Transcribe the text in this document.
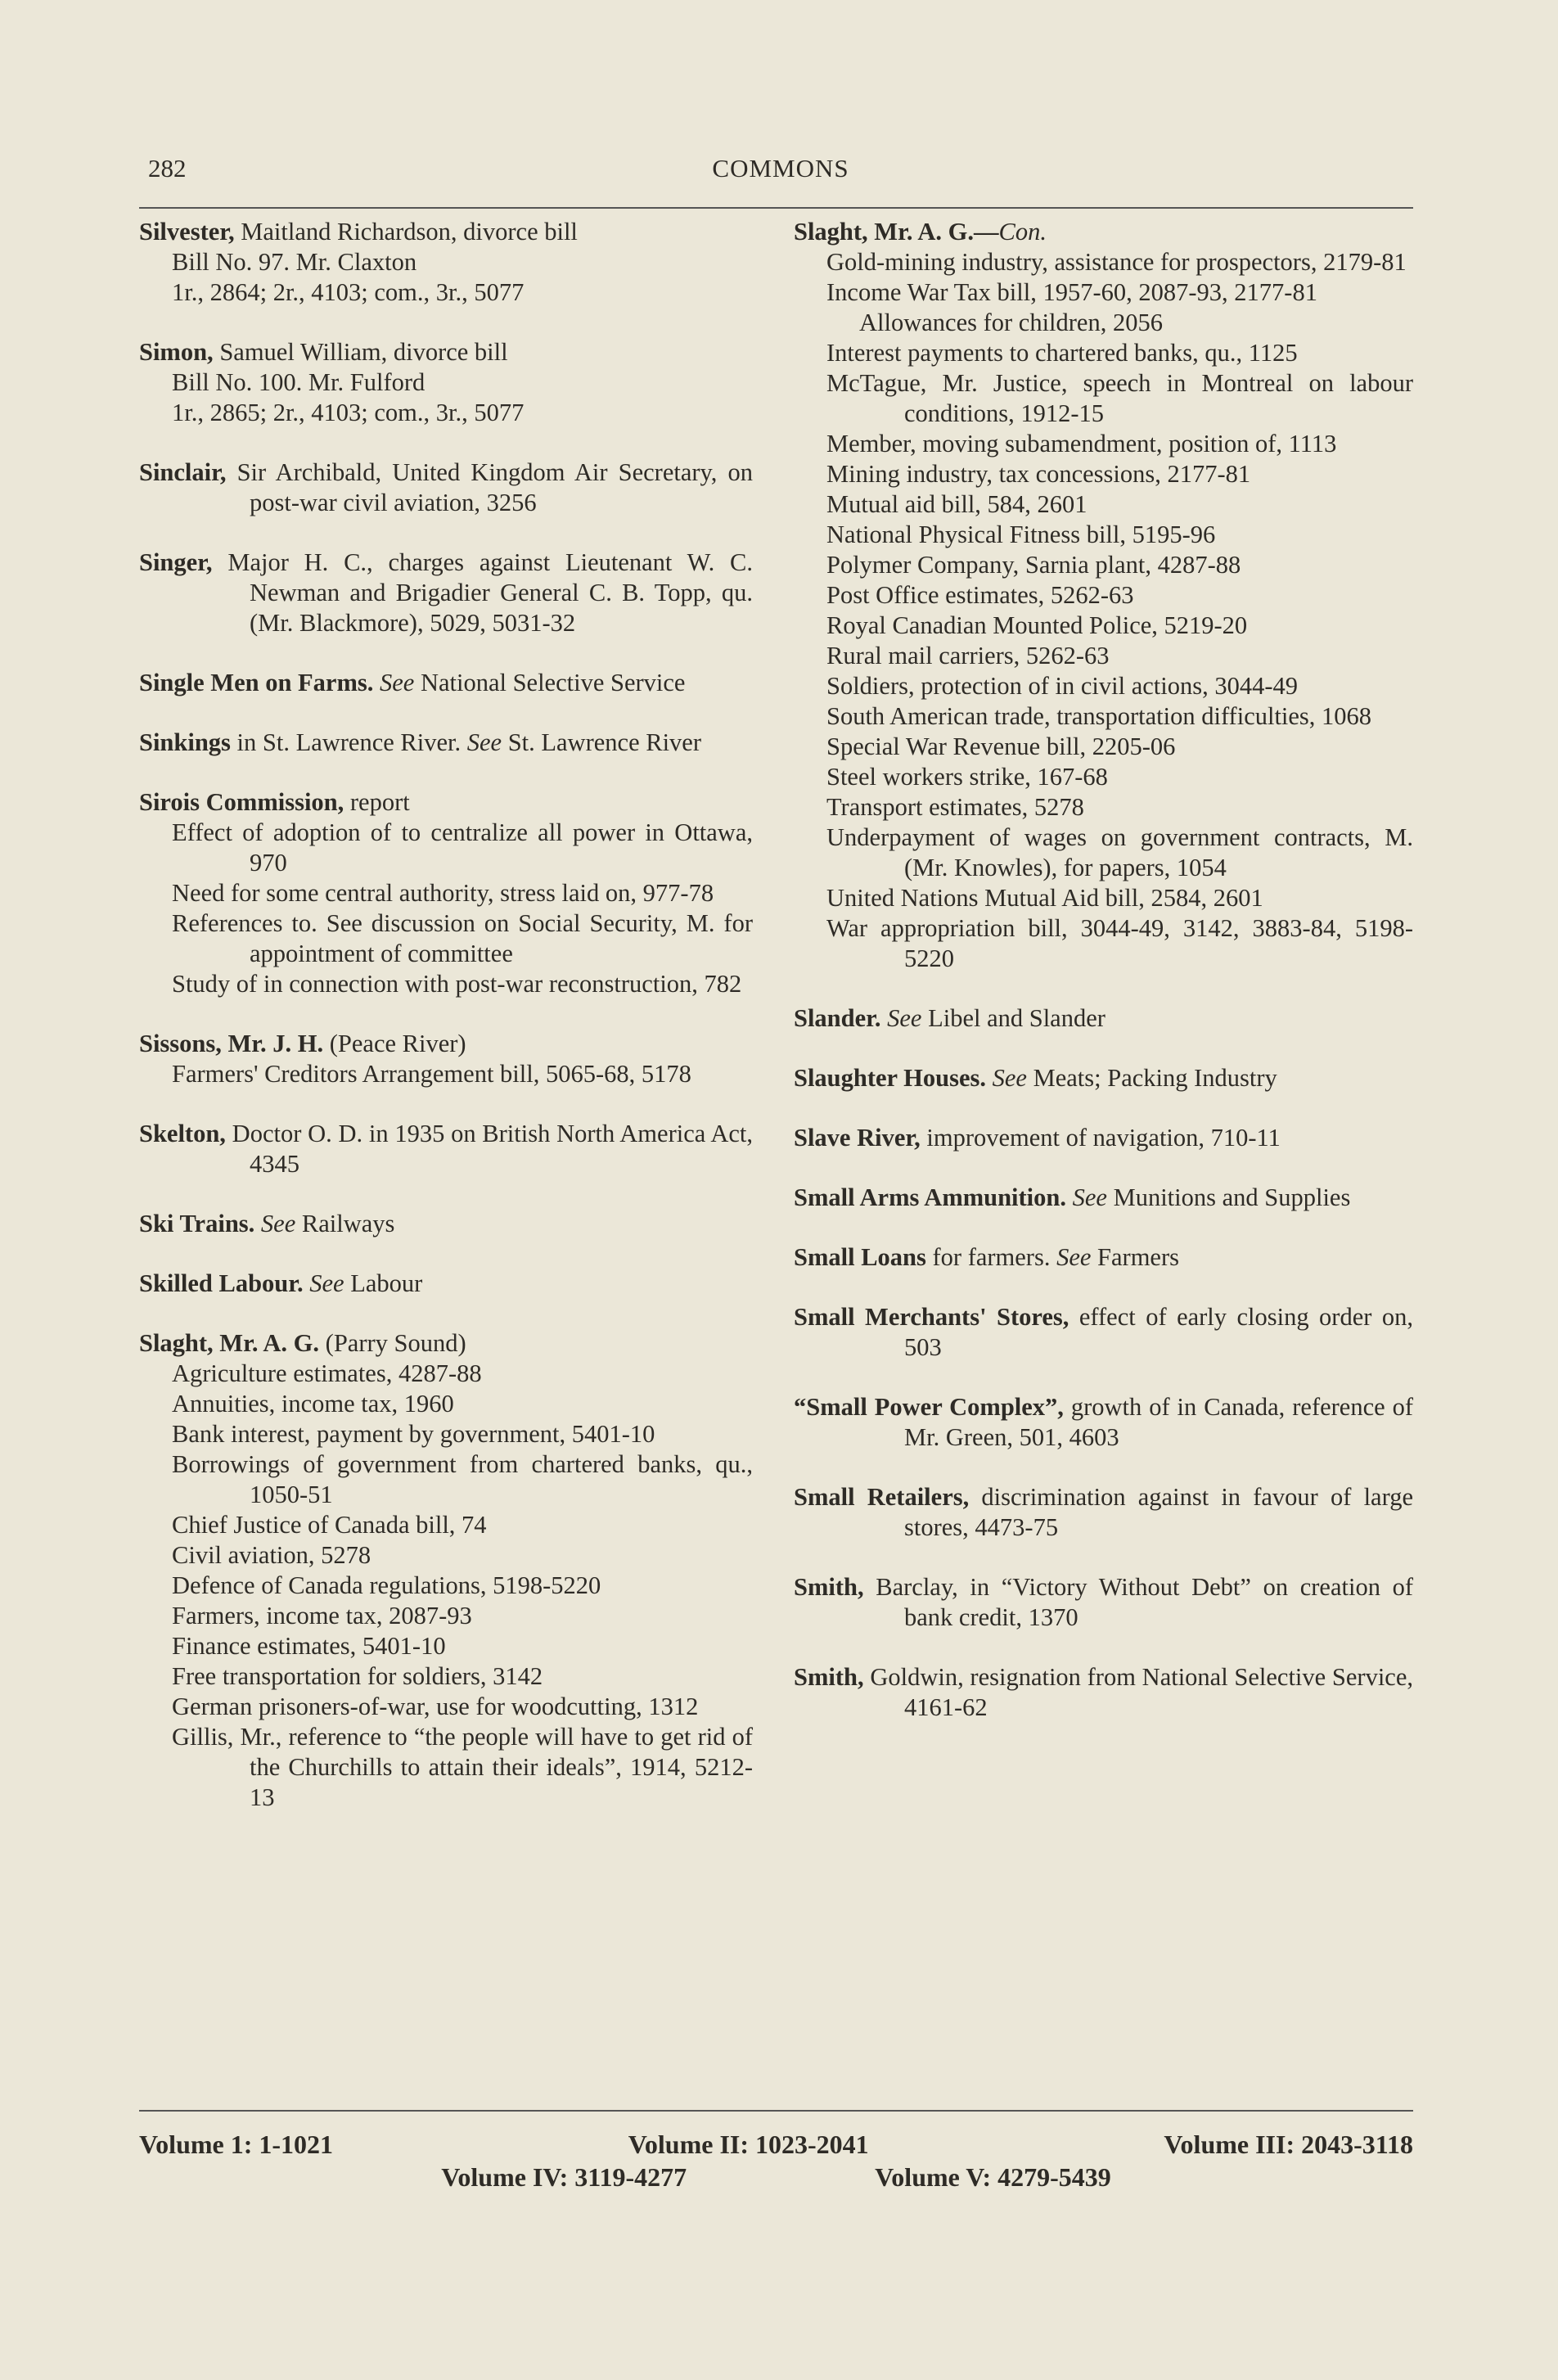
282	COMMONS
Silvester, Maitland Richardson, divorce bill
Bill No. 97. Mr. Claxton
1r., 2864; 2r., 4103; com., 3r., 5077
Simon, Samuel William, divorce bill
Bill No. 100. Mr. Fulford
1r., 2865; 2r., 4103; com., 3r., 5077
Sinclair, Sir Archibald, United Kingdom Air Secretary, on post-war civil aviation, 3256
Singer, Major H. C., charges against Lieutenant W. C. Newman and Brigadier General C. B. Topp, qu. (Mr. Blackmore), 5029, 5031-32
Single Men on Farms. See National Selective Service
Sinkings in St. Lawrence River. See St. Lawrence River
Sirois Commission, report
Effect of adoption of to centralize all power in Ottawa, 970
Need for some central authority, stress laid on, 977-78
References to. See discussion on Social Security, M. for appointment of committee
Study of in connection with post-war reconstruction, 782
Sissons, Mr. J. H. (Peace River)
Farmers' Creditors Arrangement bill, 5065-68, 5178
Skelton, Doctor O. D. in 1935 on British North America Act, 4345
Ski Trains. See Railways
Skilled Labour. See Labour
Slaght, Mr. A. G. (Parry Sound)
Agriculture estimates, 4287-88
Annuities, income tax, 1960
Bank interest, payment by government, 5401-10
Borrowings of government from chartered banks, qu., 1050-51
Chief Justice of Canada bill, 74
Civil aviation, 5278
Defence of Canada regulations, 5198-5220
Farmers, income tax, 2087-93
Finance estimates, 5401-10
Free transportation for soldiers, 3142
German prisoners-of-war, use for woodcutting, 1312
Gillis, Mr., reference to “the people will have to get rid of the Churchills to attain their ideals”, 1914, 5212-13
Slaght, Mr. A. G.—Con.
Gold-mining industry, assistance for prospectors, 2179-81
Income War Tax bill, 1957-60, 2087-93, 2177-81
Allowances for children, 2056
Interest payments to chartered banks, qu., 1125
McTague, Mr. Justice, speech in Montreal on labour conditions, 1912-15
Member, moving subamendment, position of, 1113
Mining industry, tax concessions, 2177-81
Mutual aid bill, 584, 2601
National Physical Fitness bill, 5195-96
Polymer Company, Sarnia plant, 4287-88
Post Office estimates, 5262-63
Royal Canadian Mounted Police, 5219-20
Rural mail carriers, 5262-63
Soldiers, protection of in civil actions, 3044-49
South American trade, transportation difficulties, 1068
Special War Revenue bill, 2205-06
Steel workers strike, 167-68
Transport estimates, 5278
Underpayment of wages on government contracts, M. (Mr. Knowles), for papers, 1054
United Nations Mutual Aid bill, 2584, 2601
War appropriation bill, 3044-49, 3142, 3883-84, 5198-5220
Slander. See Libel and Slander
Slaughter Houses. See Meats; Packing Industry
Slave River, improvement of navigation, 710-11
Small Arms Ammunition. See Munitions and Supplies
Small Loans for farmers. See Farmers
Small Merchants' Stores, effect of early closing order on, 503
“Small Power Complex”, growth of in Canada, reference of Mr. Green, 501, 4603
Small Retailers, discrimination against in favour of large stores, 4473-75
Smith, Barclay, in “Victory Without Debt” on creation of bank credit, 1370
Smith, Goldwin, resignation from National Selective Service, 4161-62
Volume 1: 1-1021	Volume II: 1023-2041	Volume III: 2043-3118
Volume IV: 3119-4277	Volume V: 4279-5439
